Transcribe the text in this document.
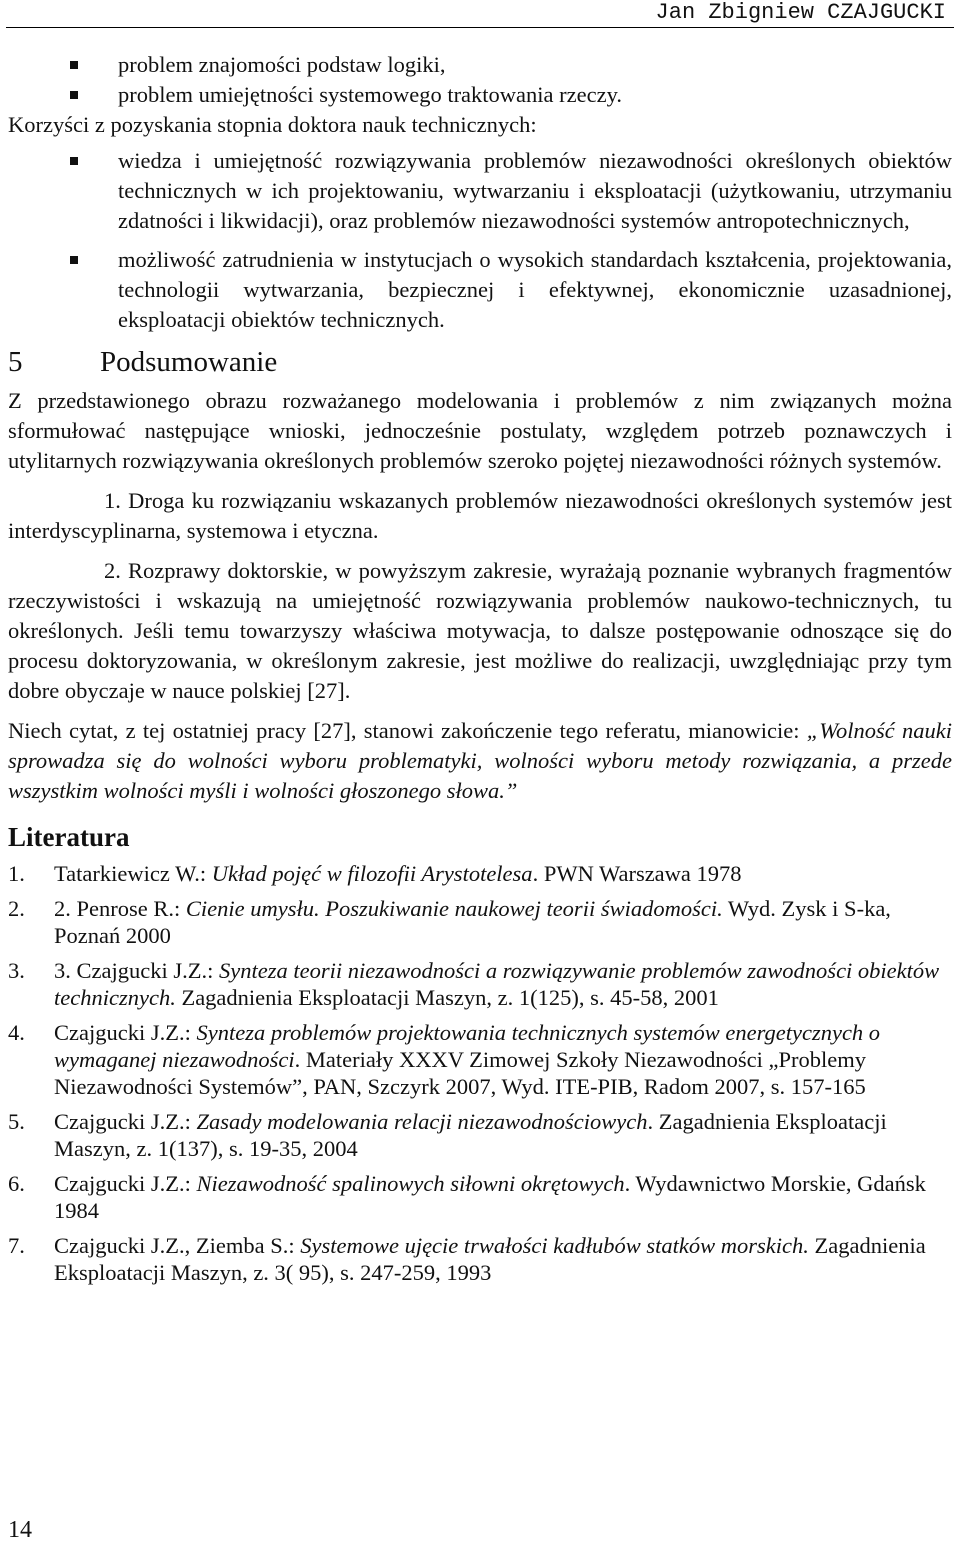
Jan Zbigniew CZAJGUCKI
problem znajomości podstaw logiki,
problem umiejętności systemowego traktowania rzeczy.

Korzyści z pozyskania stopnia doktora nauk technicznych:

wiedza i umiejętność rozwiązywania problemów niezawodności określonych obiektów technicznych w ich projektowaniu, wytwarzaniu i eksploatacji (użytkowaniu, utrzymaniu zdatności i likwidacji), oraz problemów niezawodności systemów antropotechnicznych,
możliwość zatrudnienia w instytucjach o wysokich standardach kształcenia, projektowania, technologii wytwarzania, bezpiecznej i efektywnej, ekonomicznie uzasadnionej, eksploatacji obiektów technicznych.
5	Podsumowanie

Z przedstawionego obrazu rozważanego modelowania i problemów z nim związanych można sformułować następujące wnioski, jednocześnie postulaty, względem potrzeb poznawczych i utylitarnych rozwiązywania określonych problemów szeroko pojętej niezawodności różnych systemów.

1. Droga ku rozwiązaniu wskazanych problemów niezawodności określonych systemów jest interdyscyplinarna, systemowa i etyczna.

2. Rozprawy doktorskie, w powyższym zakresie, wyrażają poznanie wybranych fragmentów rzeczywistości i wskazują na umiejętność rozwiązywania problemów naukowo-technicznych, tu określonych. Jeśli temu towarzyszy właściwa motywacja, to dalsze postępowanie odnoszące się do procesu doktoryzowania, w określonym zakresie, jest możliwe do realizacji, uwzględniając przy tym dobre obyczaje w nauce polskiej [27].

Niech cytat, z tej ostatniej pracy [27], stanowi zakończenie tego referatu, mianowicie: „Wolność nauki sprowadza się do wolności wyboru problematyki, wolności wyboru metody rozwiązania, a przede wszystkim wolności myśli i wolności głoszonego słowa.”

Literatura
1. Tatarkiewicz W.: Układ pojęć w filozofii Arystotelesa. PWN Warszawa 1978
2. 2. Penrose R.: Cienie umysłu. Poszukiwanie naukowej teorii świadomości. Wyd. Zysk i S-ka, Poznań 2000
3. 3. Czajgucki J.Z.: Synteza teorii niezawodności a rozwiązywanie problemów zawodności obiektów technicznych. Zagadnienia Eksploatacji Maszyn, z. 1(125), s. 45-58, 2001
4. Czajgucki J.Z.: Synteza problemów projektowania technicznych systemów energetycznych o wymaganej niezawodności. Materiały XXXV Zimowej Szkoły Niezawodności „Problemy Niezawodności Systemów”, PAN, Szczyrk 2007, Wyd. ITE-PIB, Radom 2007, s. 157-165
5. Czajgucki J.Z.: Zasady modelowania relacji niezawodnościowych. Zagadnienia Eksploatacji Maszyn, z. 1(137), s. 19-35, 2004
6. Czajgucki J.Z.: Niezawodność spalinowych siłowni okrętowych. Wydawnictwo Morskie, Gdańsk 1984
7. Czajgucki J.Z., Ziemba S.: Systemowe ujęcie trwałości kadłubów statków morskich. Zagadnienia Eksploatacji Maszyn, z. 3( 95), s. 247-259, 1993
14
